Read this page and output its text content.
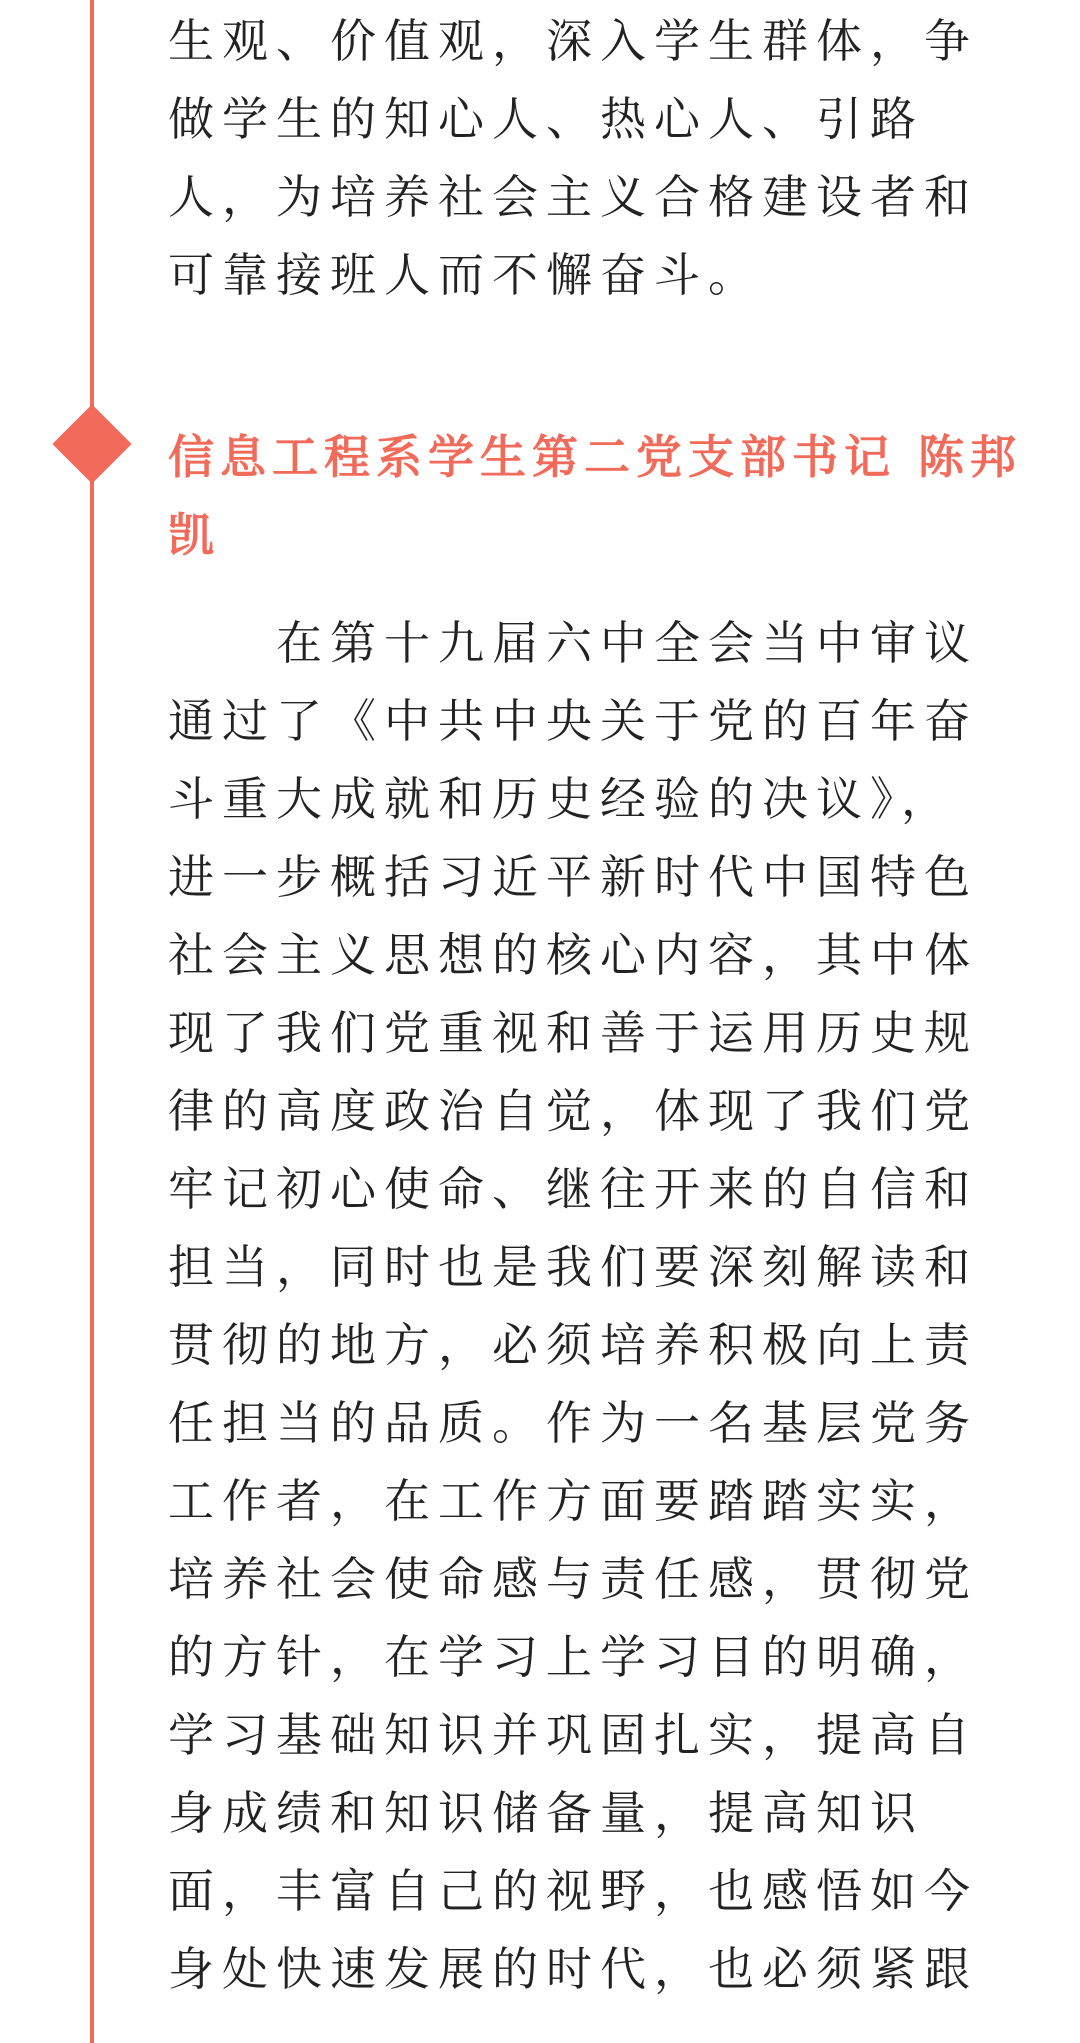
生观、价值观，深入学生群体，争
做学生的知心人、热心人、引路
人，为培养社会主义合格建设者和
可靠接班人而不懈奋斗。
信息工程系学生第二党支部书记 陈邦
凯
　　在第十九届六中全会当中审议
通过了《中共中央关于党的百年奋
斗重大成就和历史经验的决议》，
进一步概括习近平新时代中国特色
社会主义思想的核心内容，其中体
现了我们党重视和善于运用历史规
律的高度政治自觉，体现了我们党
牢记初心使命、继往开来的自信和
担当，同时也是我们要深刻解读和
贯彻的地方，必须培养积极向上责
任担当的品质。作为一名基层党务
工作者，在工作方面要踏踏实实，
培养社会使命感与责任感，贯彻党
的方针，在学习上学习目的明确，
学习基础知识并巩固扎实，提高自
身成绩和知识储备量，提高知识
面，丰富自己的视野，也感悟如今
身处快速发展的时代，也必须紧跟
